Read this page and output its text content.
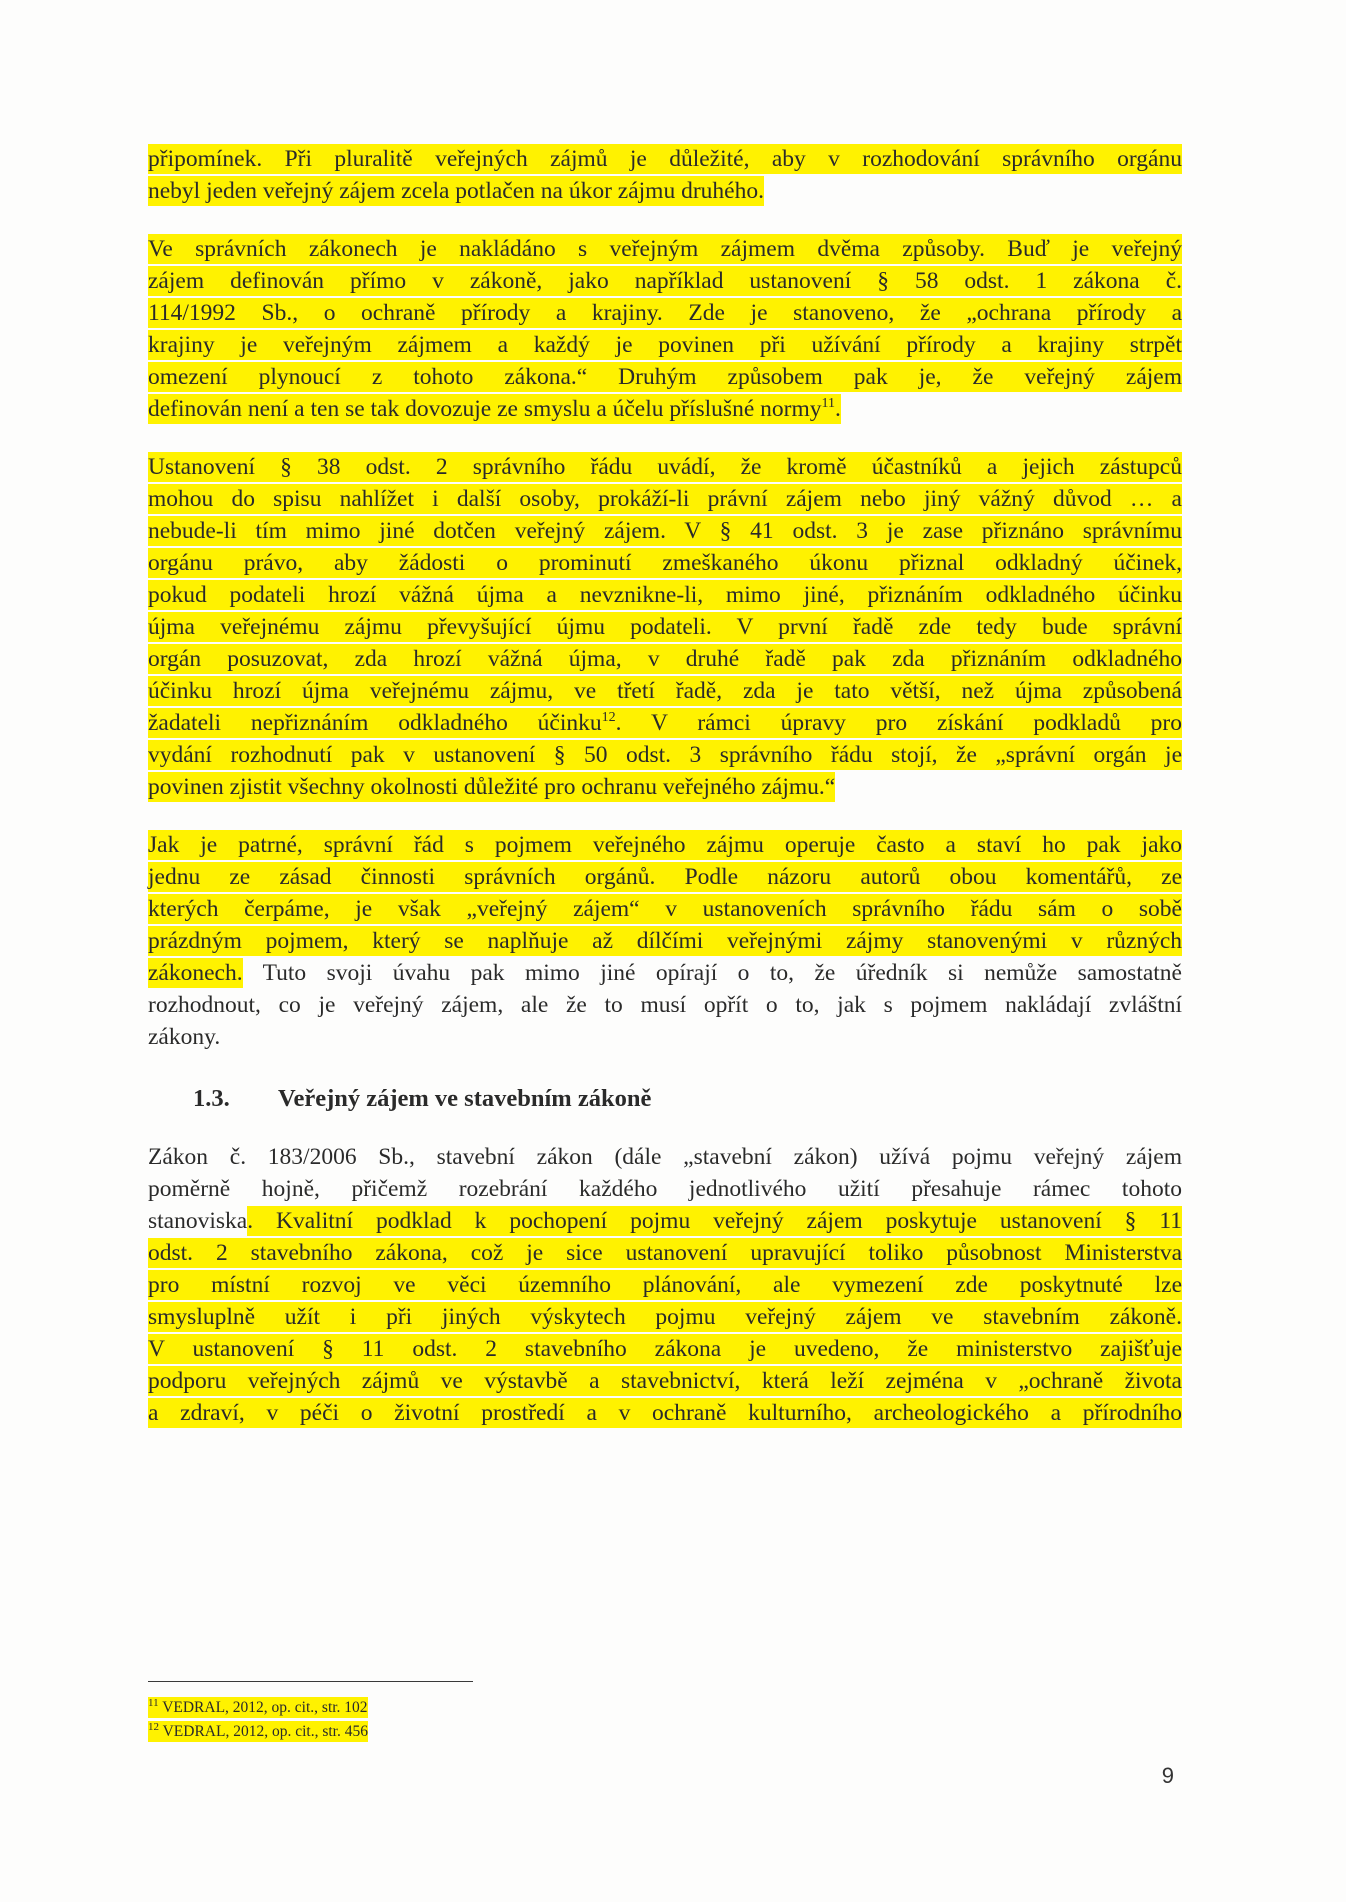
připomínek. Při pluralitě veřejných zájmů je důležité, aby v rozhodování správního orgánu
nebyl jeden veřejný zájem zcela potlačen na úkor zájmu druhého.
Ve správních zákonech je nakládáno s veřejným zájmem dvěma způsoby. Buď je veřejný
zájem definován přímo v zákoně, jako například ustanovení § 58 odst. 1 zákona č.
114/1992 Sb., o ochraně přírody a krajiny. Zde je stanoveno, že „ochrana přírody a
krajiny je veřejným zájmem a každý je povinen při užívání přírody a krajiny strpět
omezení plynoucí z tohoto zákona.“ Druhým způsobem pak je, že veřejný zájem
definován není a ten se tak dovozuje ze smyslu a účelu příslušné normy$^{11}$.
Ustanovení § 38 odst. 2 správního řádu uvádí, že kromě účastníků a jejich zástupců
mohou do spisu nahlížet i další osoby, prokáží-li právní zájem nebo jiný vážný důvod … a
nebude-li tím mimo jiné dotčen veřejný zájem. V § 41 odst. 3 je zase přiznáno správnímu
orgánu právo, aby žádosti o prominutí zmeškaného úkonu přiznal odkladný účinek,
pokud podateli hrozí vážná újma a nevznikne-li, mimo jiné, přiznáním odkladného účinku
újma veřejnému zájmu převyšující újmu podateli. V první řadě zde tedy bude správní
orgán posuzovat, zda hrozí vážná újma, v druhé řadě pak zda přiznáním odkladného
účinku hrozí újma veřejnému zájmu, ve třetí řadě, zda je tato větší, než újma způsobená
žadateli nepřiznáním odkladného účinku$^{12}$. V rámci úpravy pro získání podkladů pro
vydání rozhodnutí pak v ustanovení § 50 odst. 3 správního řádu stojí, že „správní orgán je
povinen zjistit všechny okolnosti důležité pro ochranu veřejného zájmu.“
Jak je patrné, správní řád s pojmem veřejného zájmu operuje často a staví ho pak jako
jednu ze zásad činnosti správních orgánů. Podle názoru autorů obou komentářů, ze
kterých čerpáme, je však „veřejný zájem“ v ustanoveních správního řádu sám o sobě
prázdným pojmem, který se naplňuje až dílčími veřejnými zájmy stanovenými v různých
zákonech. Tuto svoji úvahu pak mimo jiné opírají o to, že úředník si nemůže samostatně
rozhodnout, co je veřejný zájem, ale že to musí opřít o to, jak s pojmem nakládají zvláštní
zákony.
1.3. Veřejný zájem ve stavebním zákoně
Zákon č. 183/2006 Sb., stavební zákon (dále „stavební zákon) užívá pojmu veřejný zájem
poměrně hojně, přičemž rozebrání každého jednotlivého užití přesahuje rámec tohoto
stanoviska. Kvalitní podklad k pochopení pojmu veřejný zájem poskytuje ustanovení § 11
odst. 2 stavebního zákona, což je sice ustanovení upravující toliko působnost Ministerstva
pro místní rozvoj ve věci územního plánování, ale vymezení zde poskytnuté lze
smysluplně užít i při jiných výskytech pojmu veřejný zájem ve stavebním zákoně.
V ustanovení § 11 odst. 2 stavebního zákona je uvedeno, že ministerstvo zajišťuje
podporu veřejných zájmů ve výstavbě a stavebnictví, která leží zejména v „ochraně života
a zdraví, v péči o životní prostředí a v ochraně kulturního, archeologického a přírodního
$^{11}$ VEDRAL, 2012, op. cit., str. 102
$^{12}$ VEDRAL, 2012, op. cit., str. 456
9
